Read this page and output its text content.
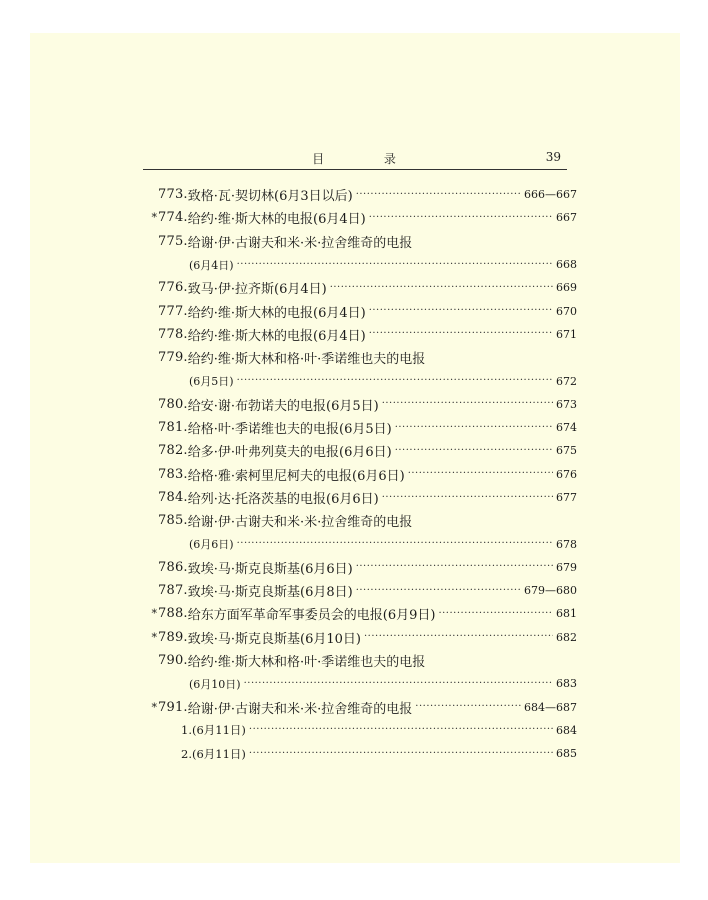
目 录	39
773. 致格·瓦·契切林(6月3日以后) ·····	666—667
* 774. 给约·维·斯大林的电报(6月4日) ·····	667
775. 给谢·伊·古谢夫和米·米·拉舍维奇的电报
(6月4日) ·····	668
776. 致马·伊·拉齐斯(6月4日) ·····	669
777. 给约·维·斯大林的电报(6月4日) ·····	670
778. 给约·维·斯大林的电报(6月4日) ·····	671
779. 给约·维·斯大林和格·叶·季诺维也夫的电报
(6月5日) ·····	672
780. 给安·谢·布勃诺夫的电报(6月5日) ·····	673
781. 给格·叶·季诺维也夫的电报(6月5日) ·····	674
782. 给多·伊·叶弗列莫夫的电报(6月6日) ·····	675
783. 给格·雅·索柯里尼柯夫的电报(6月6日) ·····	676
784. 给列·达·托洛茨基的电报(6月6日) ·····	677
785. 给谢·伊·古谢夫和米·米·拉舍维奇的电报
(6月6日) ·····	678
786. 致埃·马·斯克良斯基(6月6日) ·····	679
787. 致埃·马·斯克良斯基(6月8日) ·····	679—680
* 788. 给东方面军革命军事委员会的电报(6月9日) ·····	681
* 789. 致埃·马·斯克良斯基(6月10日) ·····	682
790. 给约·维·斯大林和格·叶·季诺维也夫的电报
(6月10日) ·····	683
* 791. 给谢·伊·古谢夫和米·米·拉舍维奇的电报 ·····	684—687
1.(6月11日) ·····	684
2.(6月11日) ·····	685
